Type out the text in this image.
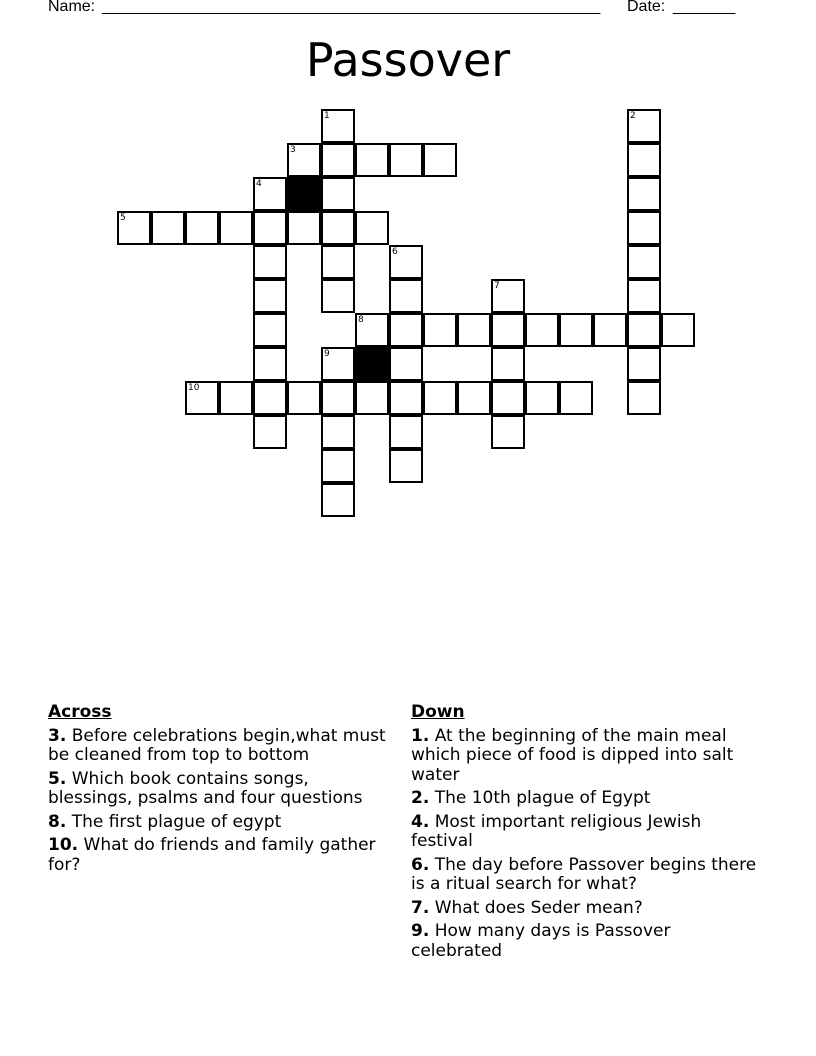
Name: ________________________________________________________ Date: _______
Passover
1	2
3
4
5
6
7
8
9
10
Across
3. Before celebrations begin,what must be cleaned from top to bottom
5. Which book contains songs, blessings, psalms and four questions
8. The first plague of egypt
10. What do friends and family gather for?
Down
1. At the beginning of the main meal which piece of food is dipped into salt water
2. The 10th plague of Egypt
4. Most important religious Jewish festival
6. The day before Passover begins there is a ritual search for what?
7. What does Seder mean?
9. How many days is Passover celebrated
